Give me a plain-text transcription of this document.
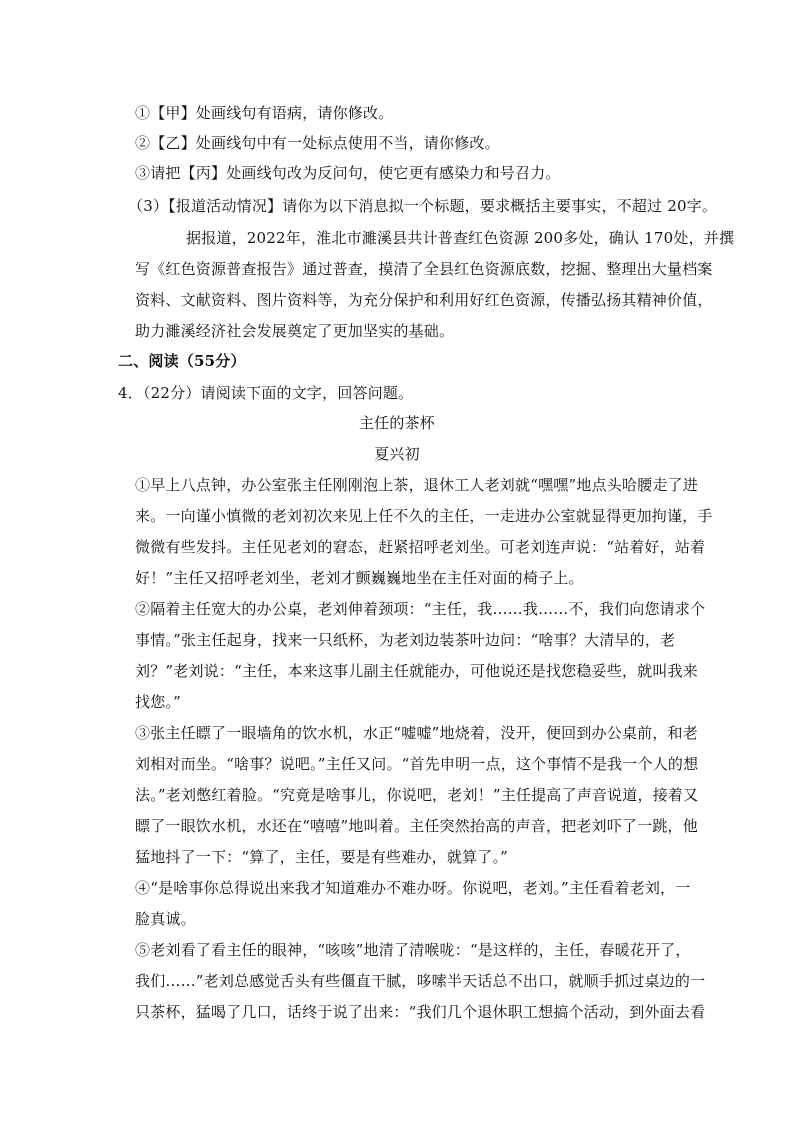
①【甲】处画线句有语病，请你修改。
②【乙】处画线句中有一处标点使用不当，请你修改。
③请把【丙】处画线句改为反问句，使它更有感染力和号召力。
（3）【报道活动情况】请你为以下消息拟一个标题，要求概括主要事实，不超过 20字。
据报道，2022年，淮北市濉溪县共计普查红色资源 200多处，确认 170处，并撰
写《红色资源普查报告》通过普查，摸清了全县红色资源底数，挖掘、整理出大量档案
资料、文献资料、图片资料等，为充分保护和利用好红色资源，传播弘扬其精神价值，
助力濉溪经济社会发展奠定了更加坚实的基础。
二、阅读（55分）
4．（22分）请阅读下面的文字，回答问题。
主任的茶杯
夏兴初
①早上八点钟，办公室张主任刚刚泡上茶，退休工人老刘就“嘿嘿”地点头哈腰走了进
来。一向谨小慎微的老刘初次来见上任不久的主任，一走进办公室就显得更加拘谨，手
微微有些发抖。主任见老刘的窘态，赶紧招呼老刘坐。可老刘连声说：“站着好，站着
好！”主任又招呼老刘坐，老刘才颤巍巍地坐在主任对面的椅子上。
②隔着主任宽大的办公桌，老刘伸着颈项：“主任，我……我……不，我们向您请求个
事情。”张主任起身，找来一只纸杯，为老刘边装茶叶边问：“啥事？大清早的，老
刘？”老刘说：“主任，本来这事儿副主任就能办，可他说还是找您稳妥些，就叫我来
找您。”
③张主任瞟了一眼墙角的饮水机，水正“嘘嘘”地烧着，没开，便回到办公桌前，和老
刘相对而坐。“啥事？说吧。”主任又问。“首先申明一点，这个事情不是我一个人的想
法。”老刘憋红着脸。“究竟是啥事儿，你说吧，老刘！”主任提高了声音说道，接着又
瞟了一眼饮水机，水还在“嘻嘻”地叫着。主任突然抬高的声音，把老刘吓了一跳，他
猛地抖了一下：“算了，主任，要是有些难办，就算了。”
④“是啥事你总得说出来我才知道难办不难办呀。你说吧，老刘。”主任看着老刘，一
脸真诚。
⑤老刘看了看主任的眼神，“咳咳”地清了清喉咙：“是这样的，主任，春暖花开了，
我们……”老刘总感觉舌头有些僵直干腻，哆嗦半天话总不出口，就顺手抓过桌边的一
只茶杯，猛喝了几口，话终于说了出来：“我们几个退休职工想搞个活动，到外面去看
